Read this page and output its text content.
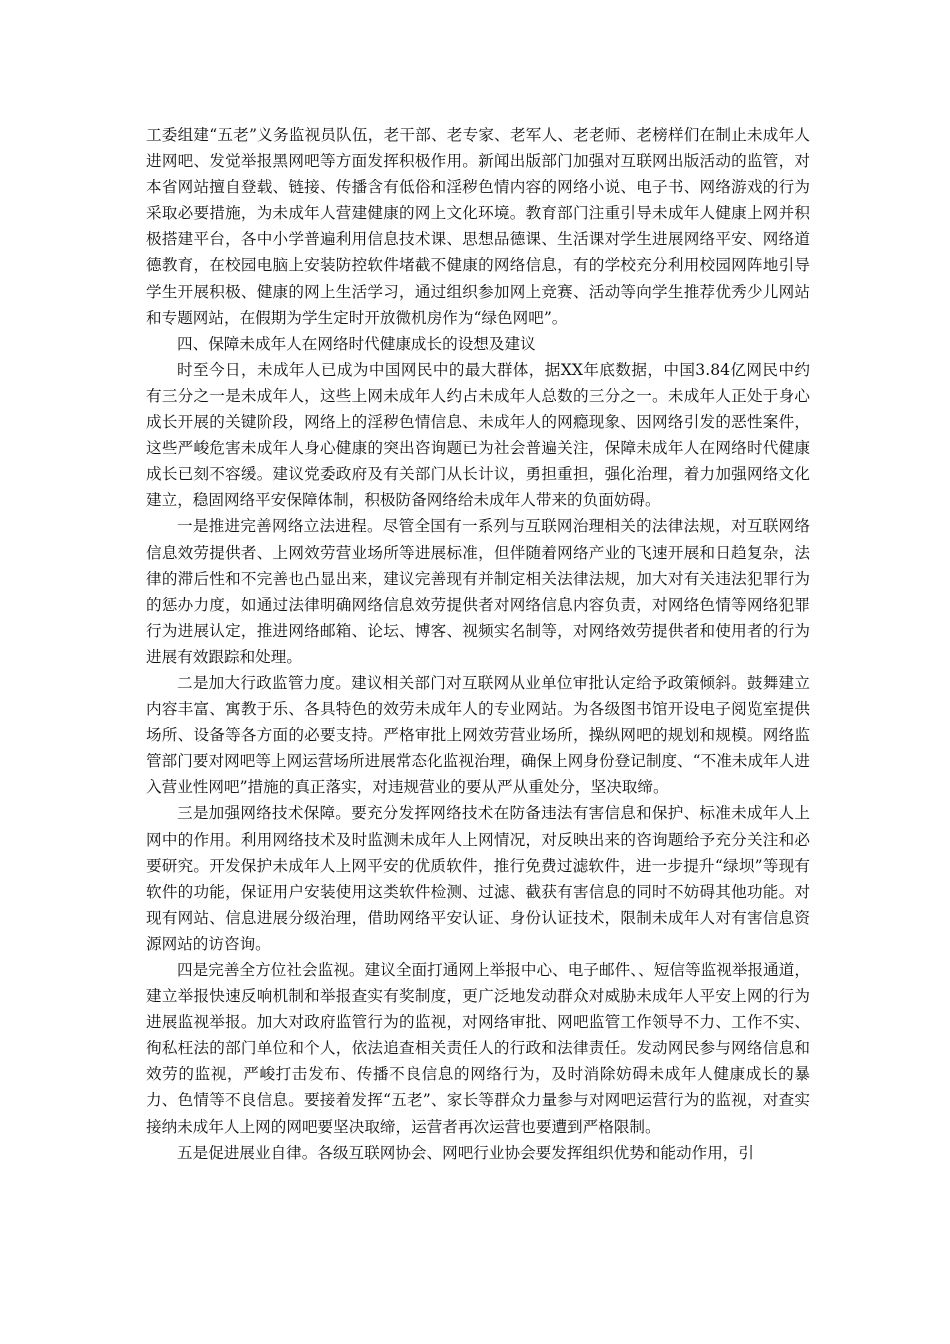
工委组建“五老”义务监视员队伍，老干部、老专家、老军人、老老师、老榜样们在制止未成年人进网吧、发觉举报黑网吧等方面发挥积极作用。新闻出版部门加强对互联网出版活动的监管，对本省网站擅自登载、链接、传播含有低俗和淫秽色情内容的网络小说、电子书、网络游戏的行为采取必要措施，为未成年人营建健康的网上文化环境。教育部门注重引导未成年人健康上网并积极搭建平台，各中小学普遍利用信息技术课、思想品德课、生活课对学生进展网络平安、网络道德教育，在校园电脑上安装防控软件堵截不健康的网络信息，有的学校充分利用校园网阵地引导学生开展积极、健康的网上生活学习，通过组织参加网上竞赛、活动等向学生推荐优秀少儿网站和专题网站，在假期为学生定时开放微机房作为“绿色网吧”。

四、保障未成年人在网络时代健康成长的设想及建议

时至今日，未成年人已成为中国网民中的最大群体，据XX年底数据，中国3.84亿网民中约有三分之一是未成年人，这些上网未成年人约占未成年人总数的三分之一。未成年人正处于身心成长开展的关键阶段，网络上的淫秽色情信息、未成年人的网瘾现象、因网络引发的恶性案件，这些严峻危害未成年人身心健康的突出咨询题已为社会普遍关注，保障未成年人在网络时代健康成长已刻不容缓。建议党委政府及有关部门从长计议，勇担重担，强化治理，着力加强网络文化建立，稳固网络平安保障体制，积极防备网络给未成年人带来的负面妨碍。

一是推进完善网络立法进程。尽管全国有一系列与互联网治理相关的法律法规，对互联网络信息效劳提供者、上网效劳营业场所等进展标准，但伴随着网络产业的飞速开展和日趋复杂，法律的滞后性和不完善也凸显出来，建议完善现有并制定相关法律法规，加大对有关违法犯罪行为的惩办力度，如通过法律明确网络信息效劳提供者对网络信息内容负责，对网络色情等网络犯罪行为进展认定，推进网络邮箱、论坛、博客、视频实名制等，对网络效劳提供者和使用者的行为进展有效跟踪和处理。

二是加大行政监管力度。建议相关部门对互联网从业单位审批认定给予政策倾斜。鼓舞建立内容丰富、寓教于乐、各具特色的效劳未成年人的专业网站。为各级图书馆开设电子阅览室提供场所、设备等各方面的必要支持。严格审批上网效劳营业场所，操纵网吧的规划和规模。网络监管部门要对网吧等上网运营场所进展常态化监视治理，确保上网身份登记制度、“不准未成年人进入营业性网吧”措施的真正落实，对违规营业的要从严从重处分，坚决取缔。

三是加强网络技术保障。要充分发挥网络技术在防备违法有害信息和保护、标准未成年人上网中的作用。利用网络技术及时监测未成年人上网情况，对反映出来的咨询题给予充分关注和必要研究。开发保护未成年人上网平安的优质软件，推行免费过滤软件，进一步提升“绿坝”等现有软件的功能，保证用户安装使用这类软件检测、过滤、截获有害信息的同时不妨碍其他功能。对现有网站、信息进展分级治理，借助网络平安认证、身份认证技术，限制未成年人对有害信息资源网站的访咨询。

四是完善全方位社会监视。建议全面打通网上举报中心、电子邮件、、短信等监视举报通道，建立举报快速反响机制和举报查实有奖制度，更广泛地发动群众对威胁未成年人平安上网的行为进展监视举报。加大对政府监管行为的监视，对网络审批、网吧监管工作领导不力、工作不实、徇私枉法的部门单位和个人，依法追查相关责任人的行政和法律责任。发动网民参与网络信息和效劳的监视，严峻打击发布、传播不良信息的网络行为，及时消除妨碍未成年人健康成长的暴力、色情等不良信息。要接着发挥“五老”、家长等群众力量参与对网吧运营行为的监视，对查实接纳未成年人上网的网吧要坚决取缔，运营者再次运营也要遭到严格限制。

五是促进展业自律。各级互联网协会、网吧行业协会要发挥组织优势和能动作用，引
